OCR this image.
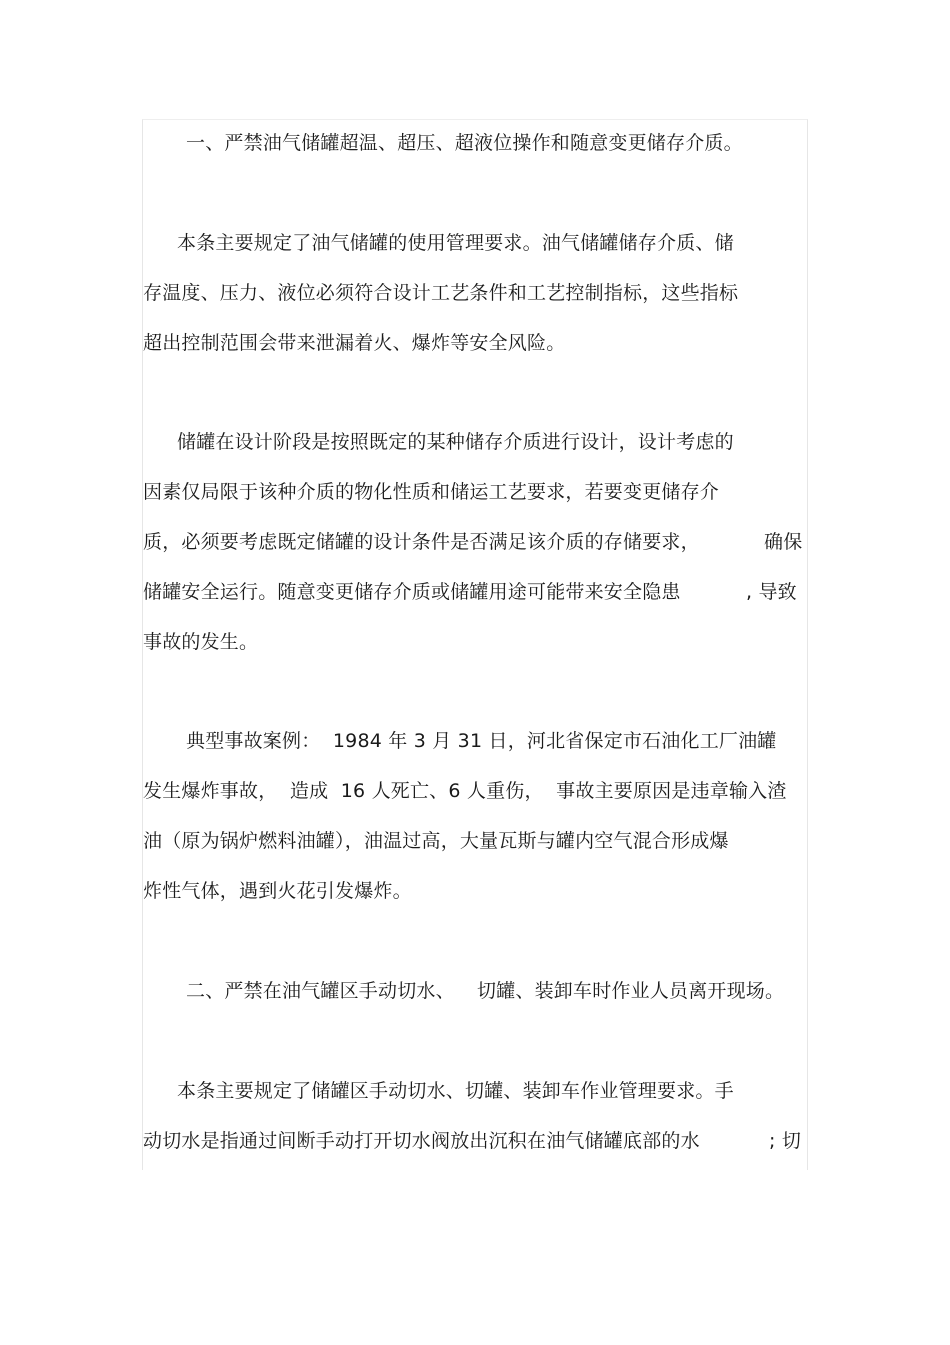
一、严禁油气储罐超温、超压、超液位操作和随意变更储存介质。
本条主要规定了油气储罐的使用管理要求。油气储罐储存介质、储
存温度、压力、液位必须符合设计工艺条件和工艺控制指标，这些指标
超出控制范围会带来泄漏着火、爆炸等安全风险。
储罐在设计阶段是按照既定的某种储存介质进行设计，设计考虑的
因素仅局限于该种介质的物化性质和储运工艺要求，若要变更储存介
质，必须要考虑既定储罐的设计条件是否满足该介质的存储要求，	确保
储罐安全运行。随意变更储存介质或储罐用途可能带来安全隐患	, 导致
事故的发生。
典型事故案例：  1984 年 3 月 31 日，河北省保定市石油化工厂油罐
发生爆炸事故，  造成  16 人死亡、6 人重伤，  事故主要原因是违章输入渣
油（原为锅炉燃料油罐），油温过高，大量瓦斯与罐内空气混合形成爆
炸性气体，遇到火花引发爆炸。
二、严禁在油气罐区手动切水、 切罐、装卸车时作业人员离开现场。
本条主要规定了储罐区手动切水、切罐、装卸车作业管理要求。手
动切水是指通过间断手动打开切水阀放出沉积在油气储罐底部的水	; 切
